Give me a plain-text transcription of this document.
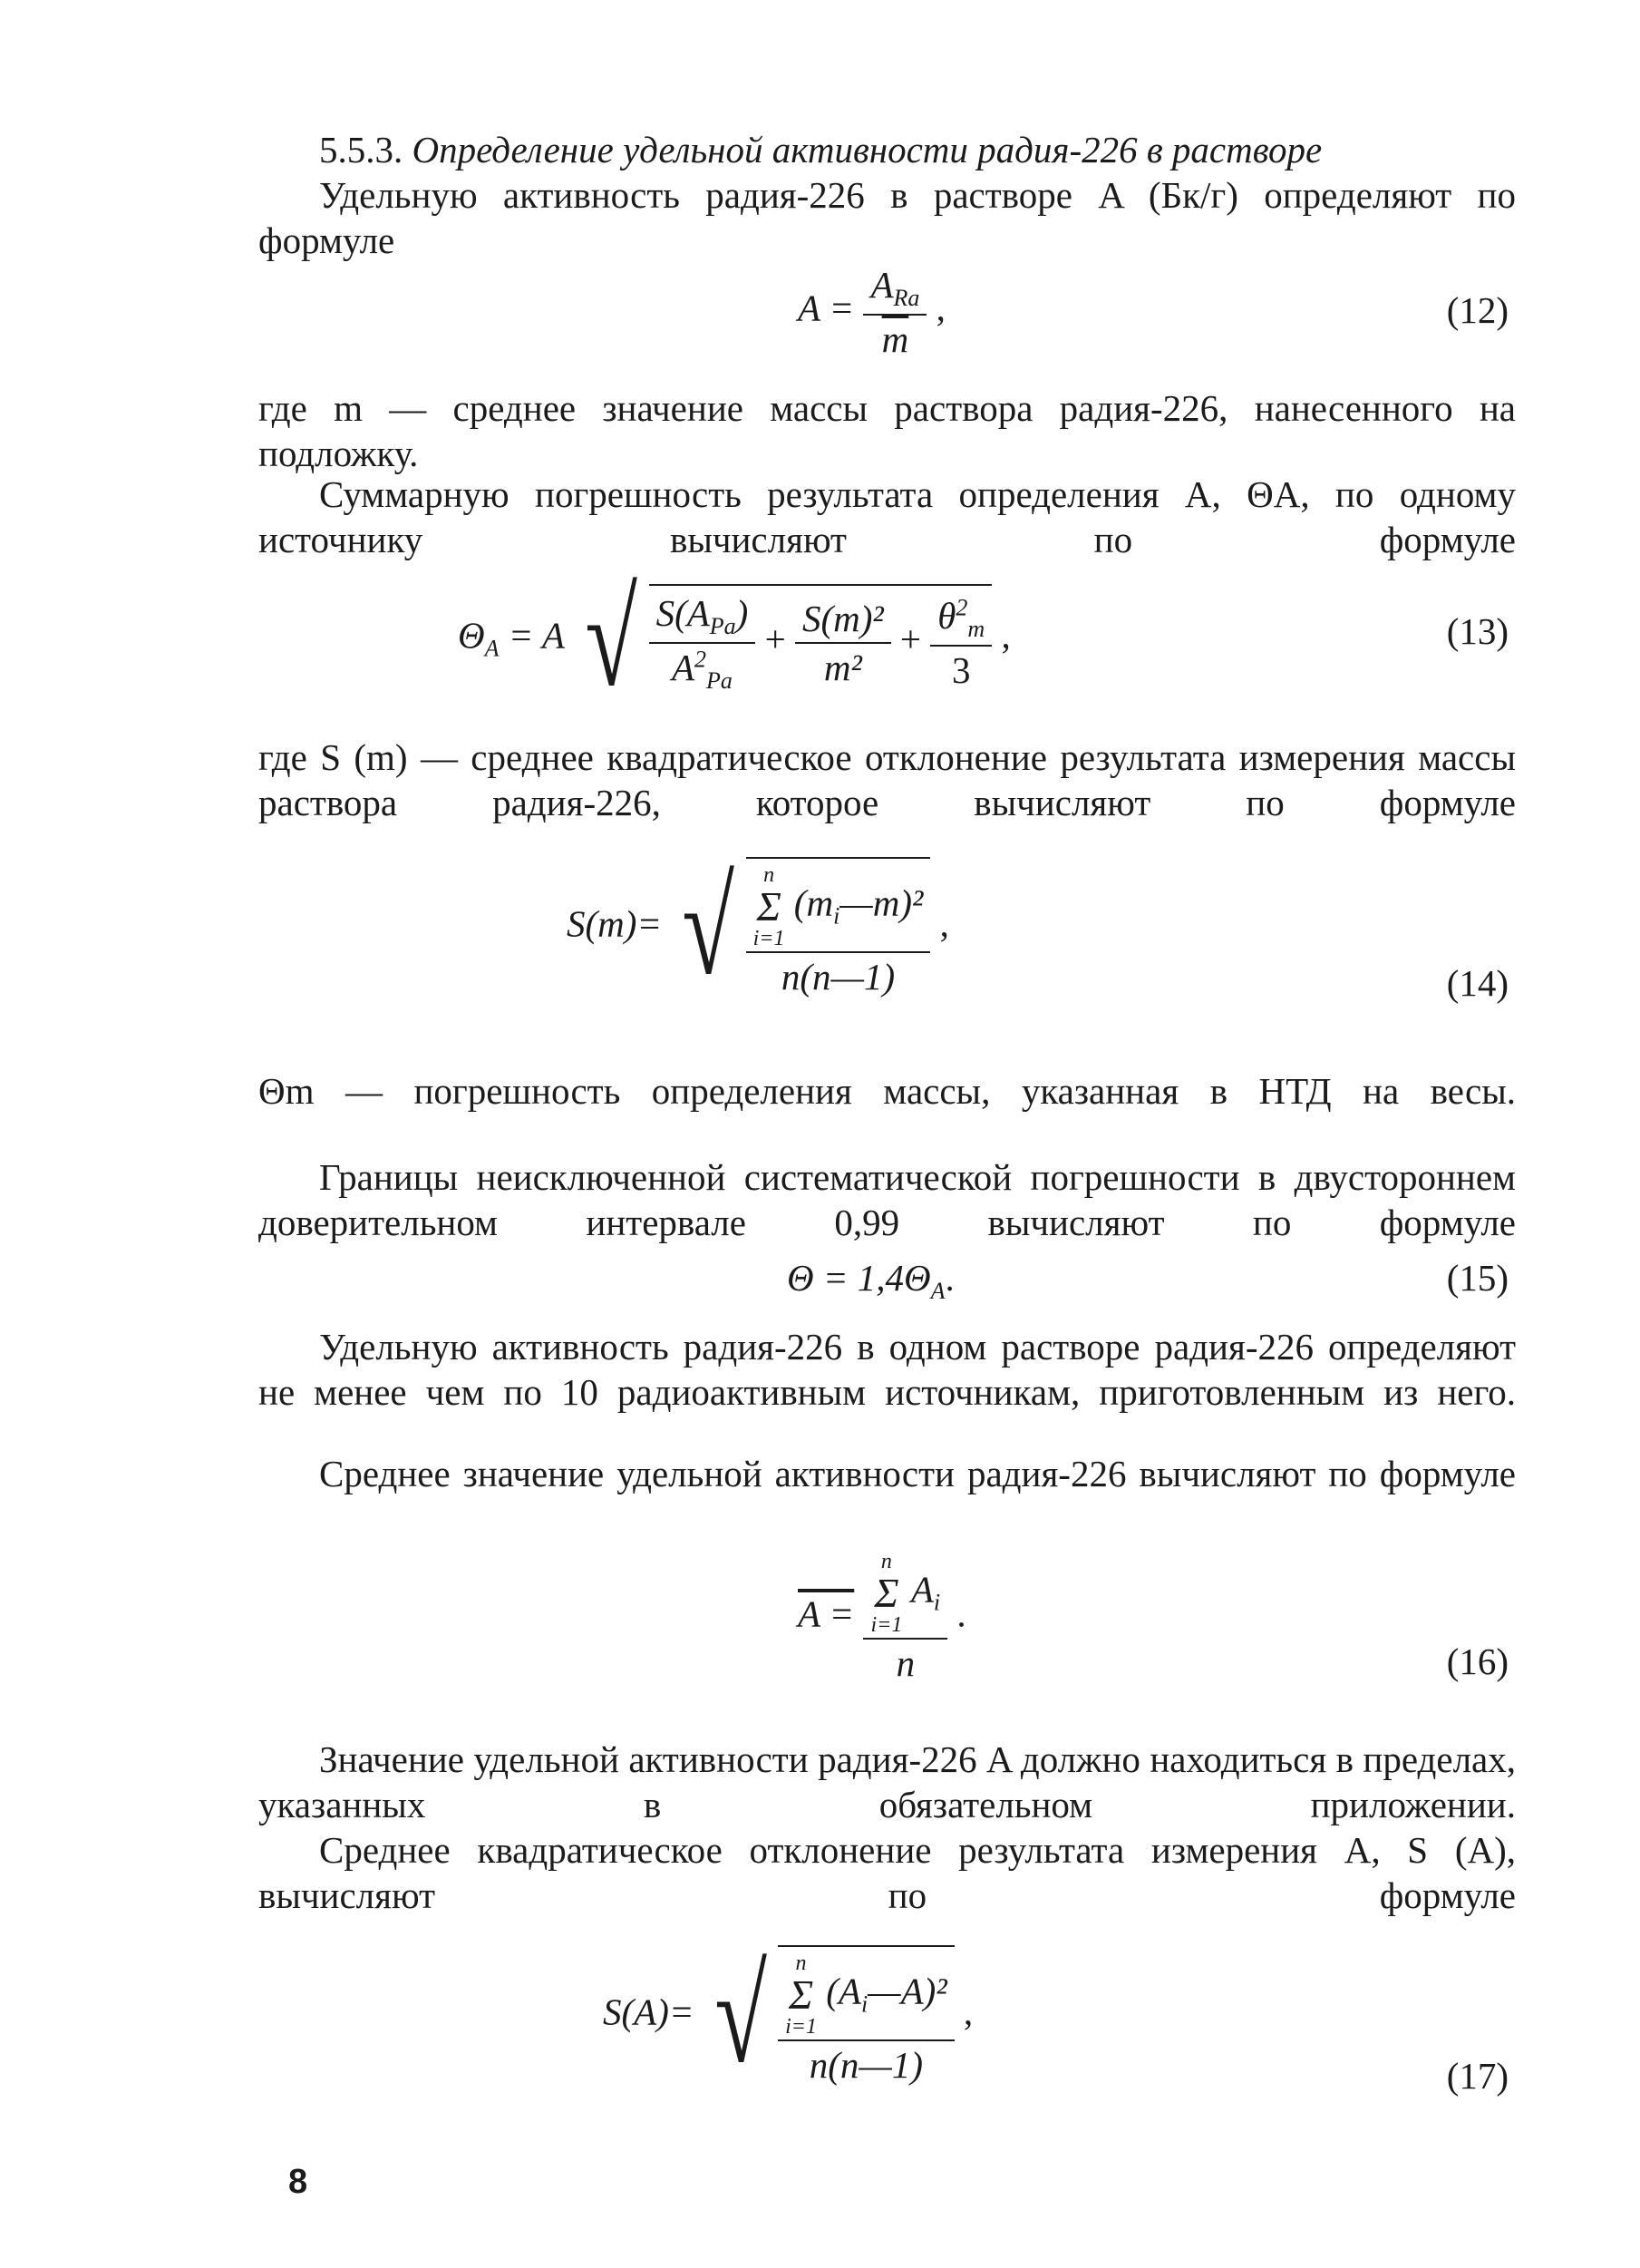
5.5.3. Определение удельной активности радия-226 в растворе

Удельную активность радия-226 в растворе A (Бк/г) определяют по формуле

$A = \frac{A_{Ra}}{m}$ ,	(12)

где m — среднее значение массы раствора радия-226, нанесенного на подложку.

Суммарную погрешность результата определения A, ΘA, по одному источнику вычисляют по формуле

$\Theta_A = A$ √ $\frac{S(A_{Pa})}{A^2_{Pa}} + \frac{\text{S(m)²}}{\text{m²}} + \frac{\theta^2_m}{3}$ ,	(13)

где S (m) — среднее квадратическое отклонение результата измерения массы раствора радия-226, которое вычисляют по формуле

S(m)= √ n
Σ
i=1
$(m_i—m)^2$
n(n—1) ,
(14)

Θm — погрешность определения массы, указанная в НТД на весы.

Границы неисключенной систематической погрешности в двустороннем доверительном интервале 0,99 вычисляют по формуле

$\Theta = 1,4\Theta_A$.	(15)

Удельную активность радия-226 в одном растворе радия-226 определяют не менее чем по 10 радиоактивным источникам, приготовленным из него.

Среднее значение удельной активности радия-226 вычисляют по формуле

A = n
Σ
i=1
$A_i$
n .
(16)

Значение удельной активности радия-226 A должно находиться в пределах, указанных в обязательном приложении.

Среднее квадратическое отклонение результата измерения A, S (A), вычисляют по формуле

S(A)= √ n
Σ
i=1
$(A_i—A)^2$
n(n—1) ,
(17)
8
